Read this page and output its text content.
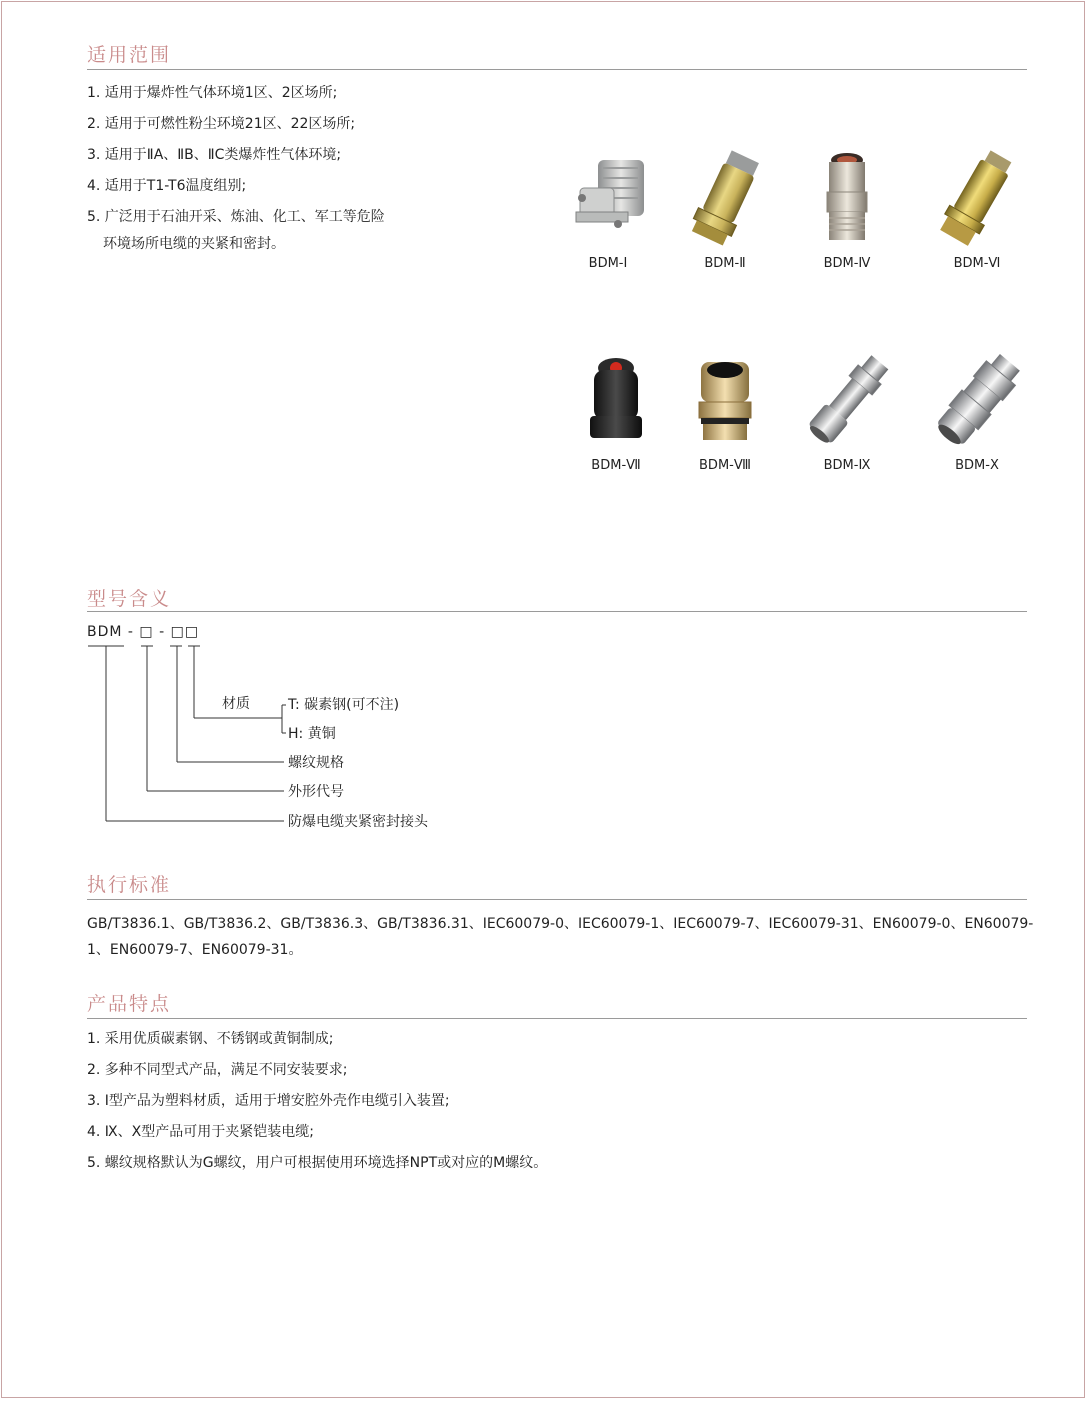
适用范围
1. 适用于爆炸性气体环境1区、2区场所;
2. 适用于可燃性粉尘环境21区、22区场所;
3. 适用于ⅡA、ⅡB、ⅡC类爆炸性气体环境;
4. 适用于T1-T6温度组别;
5. 广泛用于石油开采、炼油、化工、军工等危险
环境场所电缆的夹紧和密封。
BDM-Ⅰ	BDM-Ⅱ	BDM-Ⅳ	BDM-Ⅵ
BDM-Ⅶ	BDM-Ⅷ	BDM-Ⅸ	BDM-Ⅹ
型号含义
BDM - □ - □□
材质	T: 碳素钢(可不注)
H: 黄铜
螺纹规格
外形代号
防爆电缆夹紧密封接头
执行标准
GB/T3836.1、GB/T3836.2、GB/T3836.3、GB/T3836.31、IEC60079-0、IEC60079-1、IEC60079-7、IEC60079-31、EN60079-0、EN60079-1、EN60079-7、EN60079-31。
产品特点
1. 采用优质碳素钢、不锈钢或黄铜制成;
2. 多种不同型式产品，满足不同安装要求;
3. I型产品为塑料材质，适用于增安腔外壳作电缆引入装置;
4. Ⅸ、Ⅹ型产品可用于夹紧铠装电缆;
5. 螺纹规格默认为G螺纹，用户可根据使用环境选择NPT或对应的M螺纹。
